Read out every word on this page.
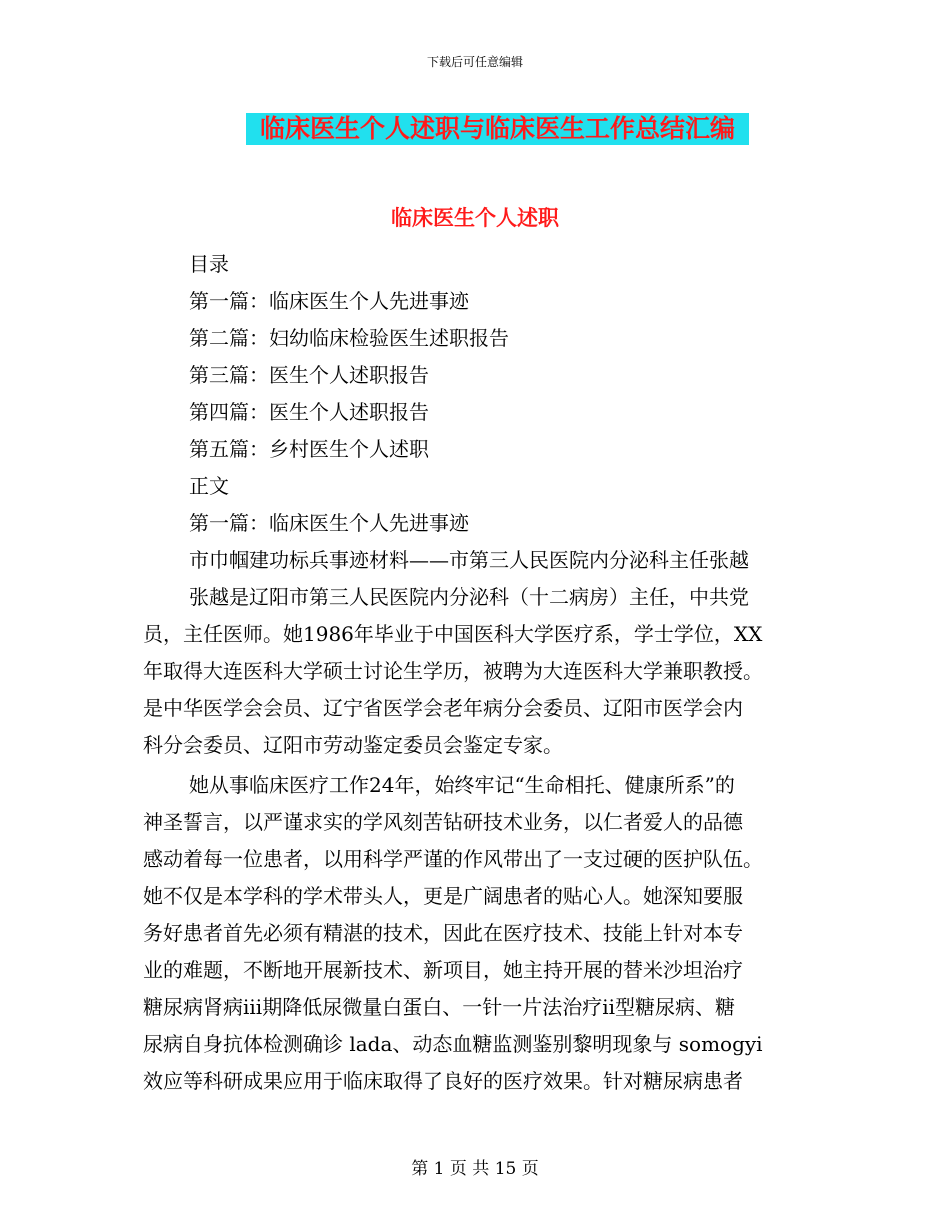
下载后可任意编辑
临床医生个人述职与临床医生工作总结汇编
临床医生个人述职
目录
第一篇：临床医生个人先进事迹
第二篇：妇幼临床检验医生述职报告
第三篇：医生个人述职报告
第四篇：医生个人述职报告
第五篇：乡村医生个人述职
正文
第一篇：临床医生个人先进事迹
市巾帼建功标兵事迹材料——市第三人民医院内分泌科主任张越
张越是辽阳市第三人民医院内分泌科（十二病房）主任，中共党
员，主任医师。她1986年毕业于中国医科大学医疗系，学士学位，XX
年取得大连医科大学硕士讨论生学历，被聘为大连医科大学兼职教授。
是中华医学会会员、辽宁省医学会老年病分会委员、辽阳市医学会内
科分会委员、辽阳市劳动鉴定委员会鉴定专家。
她从事临床医疗工作24年，始终牢记“生命相托、健康所系”的
神圣誓言，以严谨求实的学风刻苦钻研技术业务，以仁者爱人的品德
感动着每一位患者，以用科学严谨的作风带出了一支过硬的医护队伍。
她不仅是本学科的学术带头人，更是广阔患者的贴心人。她深知要服
务好患者首先必须有精湛的技术，因此在医疗技术、技能上针对本专
业的难题，不断地开展新技术、新项目，她主持开展的替米沙坦治疗
糖尿病肾病iii期降低尿微量白蛋白、一针一片法治疗ii型糖尿病、糖
尿病自身抗体检测确诊 lada、动态血糖监测鉴别黎明现象与 somogyi
效应等科研成果应用于临床取得了良好的医疗效果。针对糖尿病患者
第 1 页 共 15 页
